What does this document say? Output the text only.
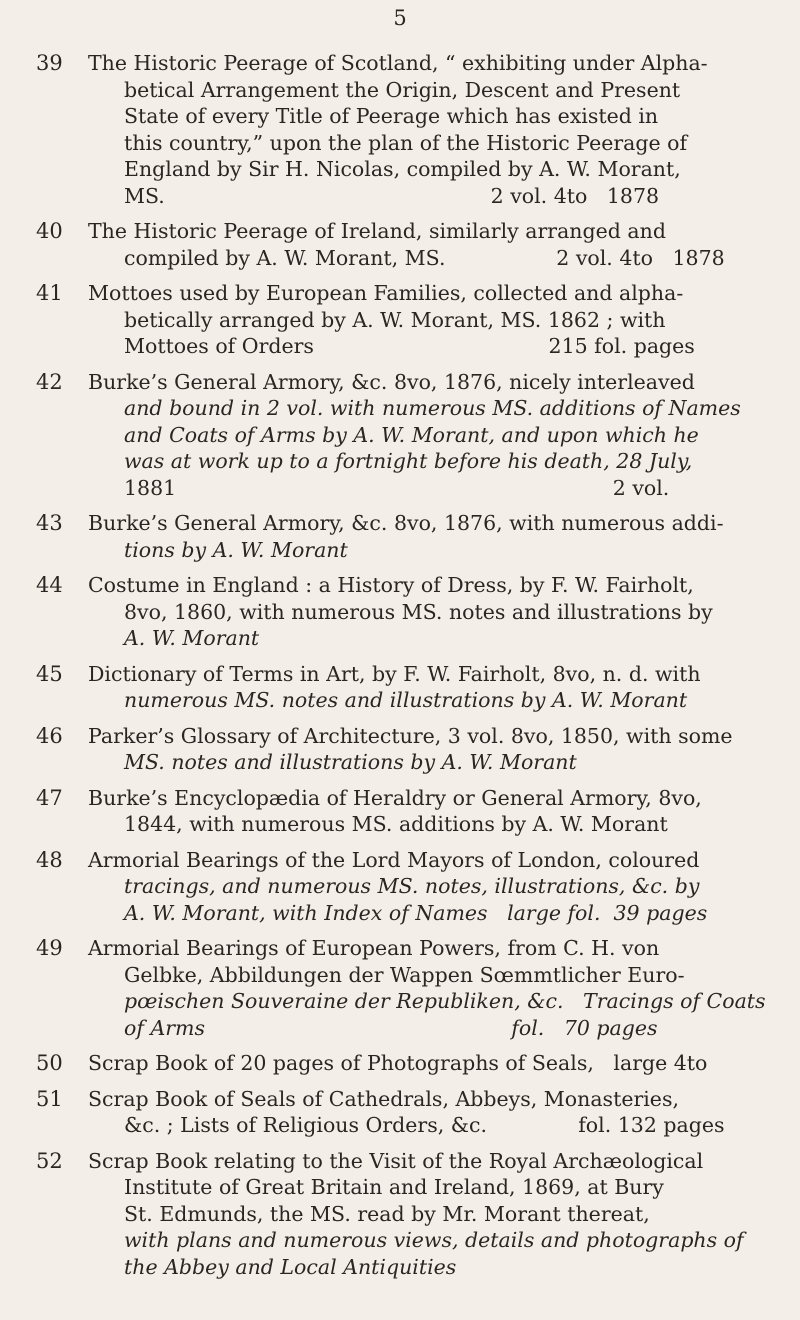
5
39	The Historic Peerage of Scotland, “ exhibiting under Alpha-
betical Arrangement the Origin, Descent and Present
State of every Title of Peerage which has existed in
this country,” upon the plan of the Historic Peerage of
England by Sir H. Nicolas, compiled by A. W. Morant,
MS.                                                  2 vol. 4to   1878
40	The Historic Peerage of Ireland, similarly arranged and
compiled by A. W. Morant, MS.                 2 vol. 4to   1878
41	Mottoes used by European Families, collected and alpha-
betically arranged by A. W. Morant, MS. 1862 ; with
Mottoes of Orders                                    215 fol. pages
42	Burke’s General Armory, &c. 8vo, 1876, nicely interleaved
and bound in 2 vol. with numerous MS. additions of Names
and Coats of Arms by A. W. Morant, and upon which he
was at work up to a fortnight before his death, 28 July,
1881                                                                   2 vol.
43	Burke’s General Armory, &c. 8vo, 1876, with numerous addi-
tions by A. W. Morant
44	Costume in England : a History of Dress, by F. W. Fairholt,
8vo, 1860, with numerous MS. notes and illustrations by
A. W. Morant
45	Dictionary of Terms in Art, by F. W. Fairholt, 8vo, n. d. with
numerous MS. notes and illustrations by A. W. Morant
46	Parker’s Glossary of Architecture, 3 vol. 8vo, 1850, with some
MS. notes and illustrations by A. W. Morant
47	Burke’s Encyclopædia of Heraldry or General Armory, 8vo,
1844, with numerous MS. additions by A. W. Morant
48	Armorial Bearings of the Lord Mayors of London, coloured
tracings, and numerous MS. notes, illustrations, &c. by
A. W. Morant, with Index of Names   large fol.  39 pages
49	Armorial Bearings of European Powers, from C. H. von
Gelbke, Abbildungen der Wappen Sœmmtlicher Euro-
pœischen Souveraine der Republiken, &c.   Tracings of Coats
of Arms                                               fol.   70 pages
50	Scrap Book of 20 pages of Photographs of Seals,   large 4to
51	Scrap Book of Seals of Cathedrals, Abbeys, Monasteries,
&c. ; Lists of Religious Orders, &c.              fol. 132 pages
52	Scrap Book relating to the Visit of the Royal Archæological
Institute of Great Britain and Ireland, 1869, at Bury
St. Edmunds, the MS. read by Mr. Morant thereat,
with plans and numerous views, details and photographs of
the Abbey and Local Antiquities
